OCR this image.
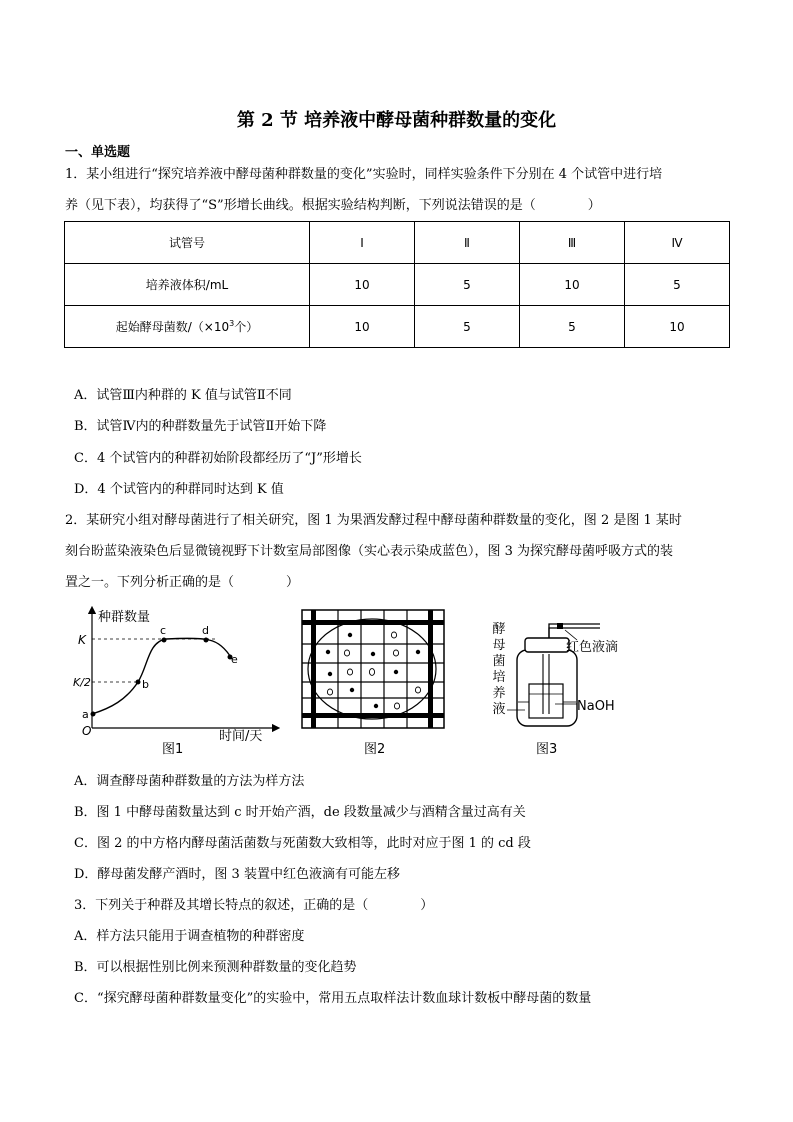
第 2 节 培养液中酵母菌种群数量的变化
一、单选题
1．某小组进行“探究培养液中酵母菌种群数量的变化”实验时，同样实验条件下分别在 4 个试管中进行培
养（见下表），均获得了“S”形增长曲线。根据实验结构判断，下列说法错误的是（　　　　）
试管号	Ⅰ	Ⅱ	Ⅲ	Ⅳ
培养液体积/mL	10	5	10	5
起始酵母菌数$/(\times 10^3$个）	10	5	5	10
A．试管Ⅲ内种群的 K 值与试管Ⅱ不同
B．试管Ⅳ内的种群数量先于试管Ⅱ开始下降
C．4 个试管内的种群初始阶段都经历了“J”形增长
D．4 个试管内的种群同时达到 K 值
2．某研究小组对酵母菌进行了相关研究，图 1 为果酒发酵过程中酵母菌种群数量的变化，图 2 是图 1 某时
刻台盼蓝染液染色后显微镜视野下计数室局部图像（实心表示染成蓝色），图 3 为探究酵母菌呼吸方式的装
置之一。下列分析正确的是（　　　　）
种群数量
K
K/2
O
a
b
c	d
e
时间/天
图1	图2
酵
母
菌
培
养
液
红色液滴
NaOH
图3
A．调查酵母菌种群数量的方法为样方法
B．图 1 中酵母菌数量达到 c 时开始产酒，de 段数量减少与酒精含量过高有关
C．图 2 的中方格内酵母菌活菌数与死菌数大致相等，此时对应于图 1 的 cd 段
D．酵母菌发酵产酒时，图 3 装置中红色液滴有可能左移
3．下列关于种群及其增长特点的叙述，正确的是（　　　　）
A．样方法只能用于调查植物的种群密度
B．可以根据性别比例来预测种群数量的变化趋势
C．“探究酵母菌种群数量变化”的实验中，常用五点取样法计数血球计数板中酵母菌的数量
